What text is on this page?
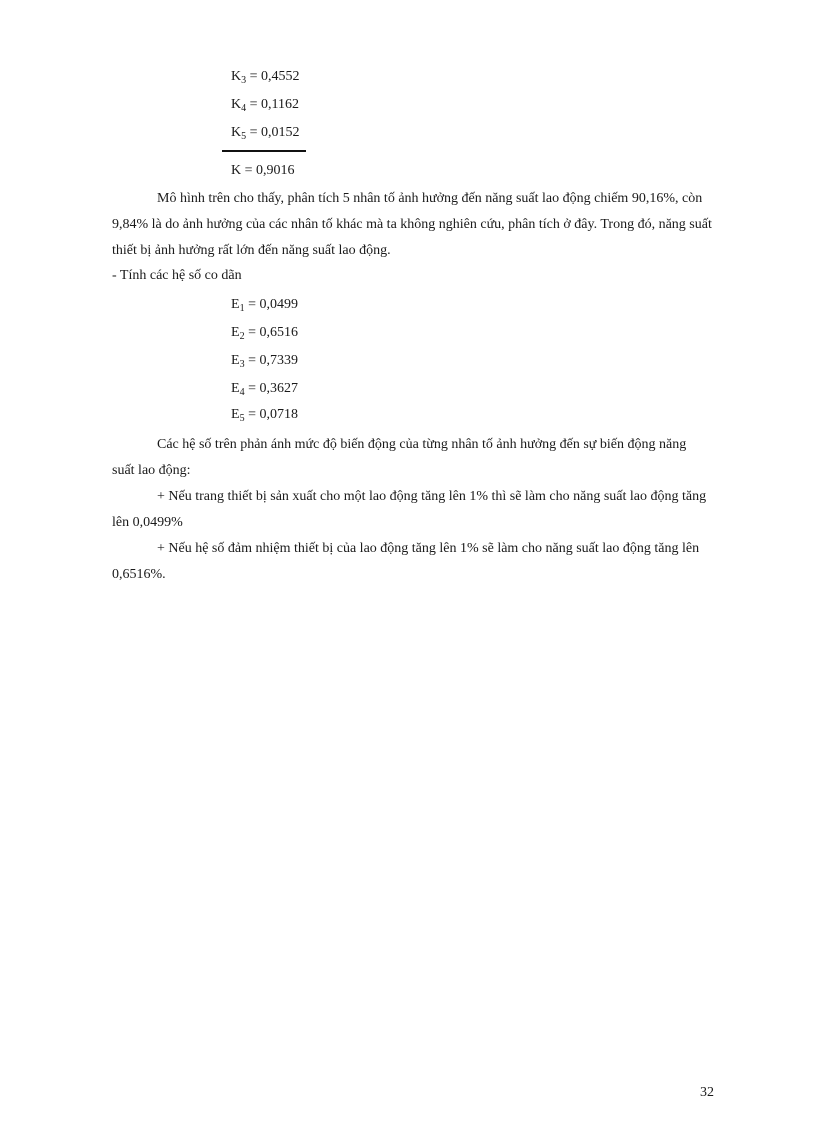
$K_3 = 0,4552$
$K_4 = 0,1162$
$K_5 = 0,0152$
K = 0,9016
Mô hình trên cho thấy, phân tích 5 nhân tố ảnh hưởng đến năng suất lao động chiếm 90,16%, còn 9,84% là do ảnh hưởng của các nhân tố khác mà ta không nghiên cứu, phân tích ở đây. Trong đó, năng suất thiết bị ảnh hưởng rất lớn đến năng suất lao động.
- Tính các hệ số co dãn
$E_1 = 0,0499$
$E_2 = 0,6516$
$E_3 = 0,7339$
$E_4 = 0,3627$
$E_5 = 0,0718$
Các hệ số trên phản ánh mức độ biến động của từng nhân tố ảnh hưởng đến sự biến động năng suất lao động:
+ Nếu trang thiết bị sản xuất cho một lao động tăng lên 1% thì sẽ làm cho năng suất lao động tăng lên 0,0499%
+ Nếu hệ số đảm nhiệm thiết bị của lao động tăng lên 1% sẽ làm cho năng suất lao động tăng lên 0,6516%.
32
